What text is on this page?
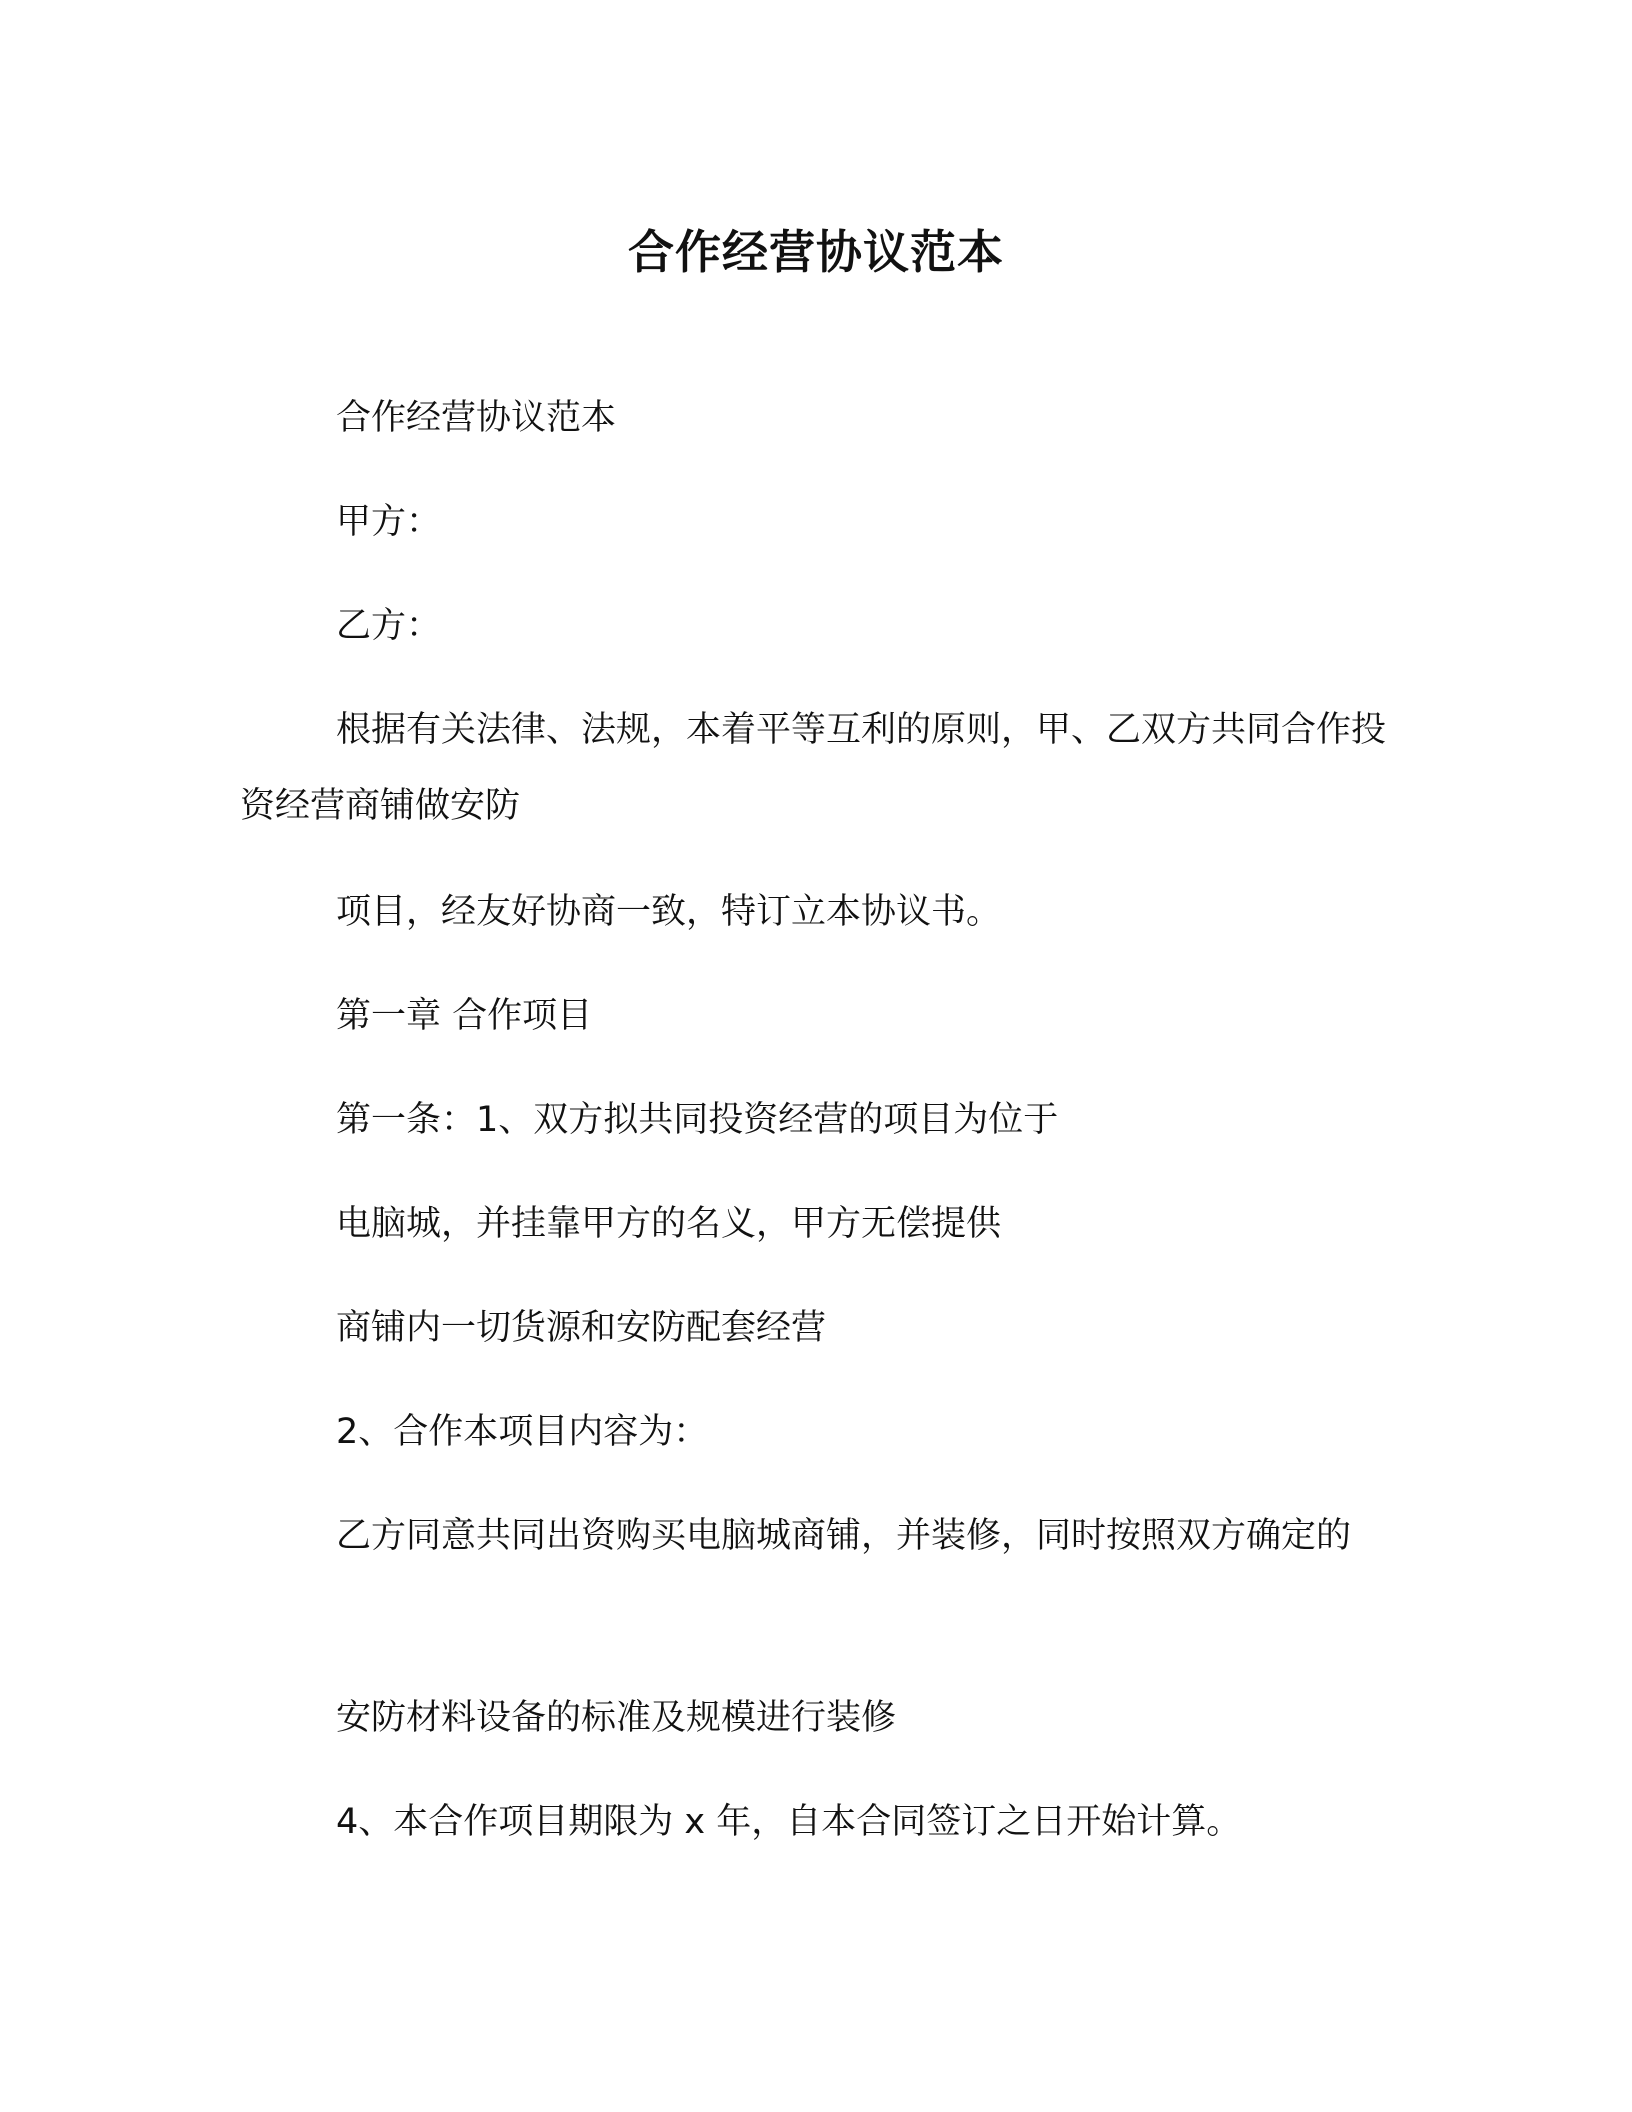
合作经营协议范本

合作经营协议范本

甲方：

乙方：

根据有关法律、法规，本着平等互利的原则，甲、乙双方共同合作投资经营商铺做安防

项目，经友好协商一致，特订立本协议书。

第一章 合作项目

第一条：1、双方拟共同投资经营的项目为位于

电脑城，并挂靠甲方的名义，甲方无偿提供

商铺内一切货源和安防配套经营

2、合作本项目内容为：

乙方同意共同出资购买电脑城商铺，并装修，同时按照双方确定的

安防材料设备的标准及规模进行装修

4、本合作项目期限为 x 年，自本合同签订之日开始计算。
